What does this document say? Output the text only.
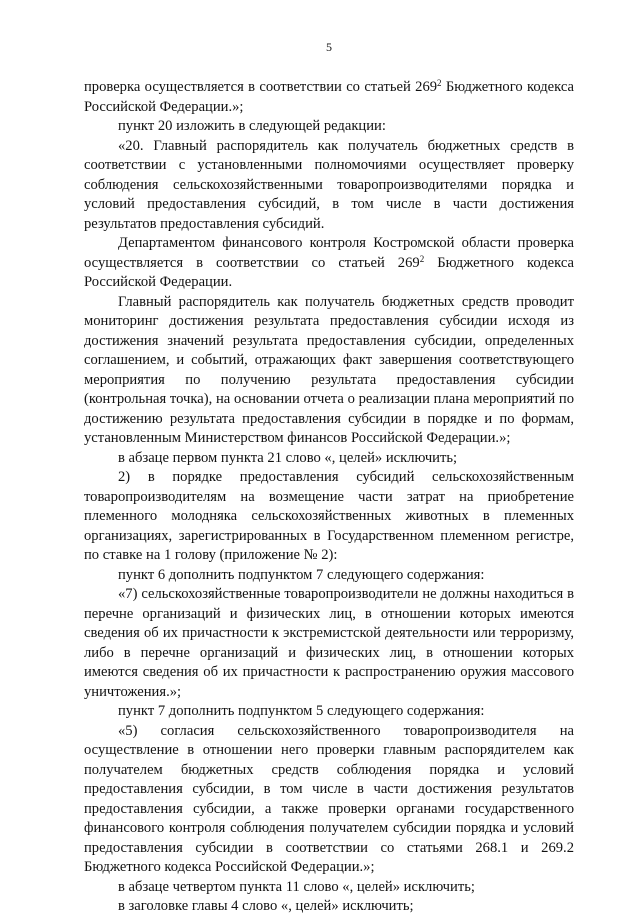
5

проверка осуществляется в соответствии со статьей $269^2$ Бюджетного кодекса Российской Федерации.»;

пункт 20 изложить в следующей редакции:

«20. Главный распорядитель как получатель бюджетных средств в соответствии с установленными полномочиями осуществляет проверку соблюдения сельскохозяйственными товаропроизводителями порядка и условий предоставления субсидий, в том числе в части достижения результатов предоставления субсидий.

Департаментом финансового контроля Костромской области проверка осуществляется в соответствии со статьей $269^2$ Бюджетного кодекса Российской Федерации.

Главный распорядитель как получатель бюджетных средств проводит мониторинг достижения результата предоставления субсидии исходя из достижения значений результата предоставления субсидии, определенных соглашением, и событий, отражающих факт завершения соответствующего мероприятия по получению результата предоставления субсидии (контрольная точка), на основании отчета о реализации плана мероприятий по достижению результата предоставления субсидии в порядке и по формам, установленным Министерством финансов Российской Федерации.»;

в абзаце первом пункта 21 слово «, целей» исключить;

2) в порядке предоставления субсидий сельскохозяйственным товаропроизводителям на возмещение части затрат на приобретение племенного молодняка сельскохозяйственных животных в племенных организациях, зарегистрированных в Государственном племенном регистре, по ставке на 1 голову (приложение № 2):

пункт 6 дополнить подпунктом 7 следующего содержания:

«7) сельскохозяйственные товаропроизводители не должны находиться в перечне организаций и физических лиц, в отношении которых имеются сведения об их причастности к экстремистской деятельности или терроризму, либо в перечне организаций и физических лиц, в отношении которых имеются сведения об их причастности к распространению оружия массового уничтожения.»;

пункт 7 дополнить подпунктом 5 следующего содержания:

«5) согласия сельскохозяйственного товаропроизводителя на осуществление в отношении него проверки главным распорядителем как получателем бюджетных средств соблюдения порядка и условий предоставления субсидии, в том числе в части достижения результатов предоставления субсидии, а также проверки органами государственного финансового контроля соблюдения получателем субсидии порядка и условий предоставления субсидии в соответствии со статьями 268.1 и 269.2 Бюджетного кодекса Российской Федерации.»;

в абзаце четвертом пункта 11 слово «, целей» исключить;

в заголовке главы 4 слово «, целей» исключить;
